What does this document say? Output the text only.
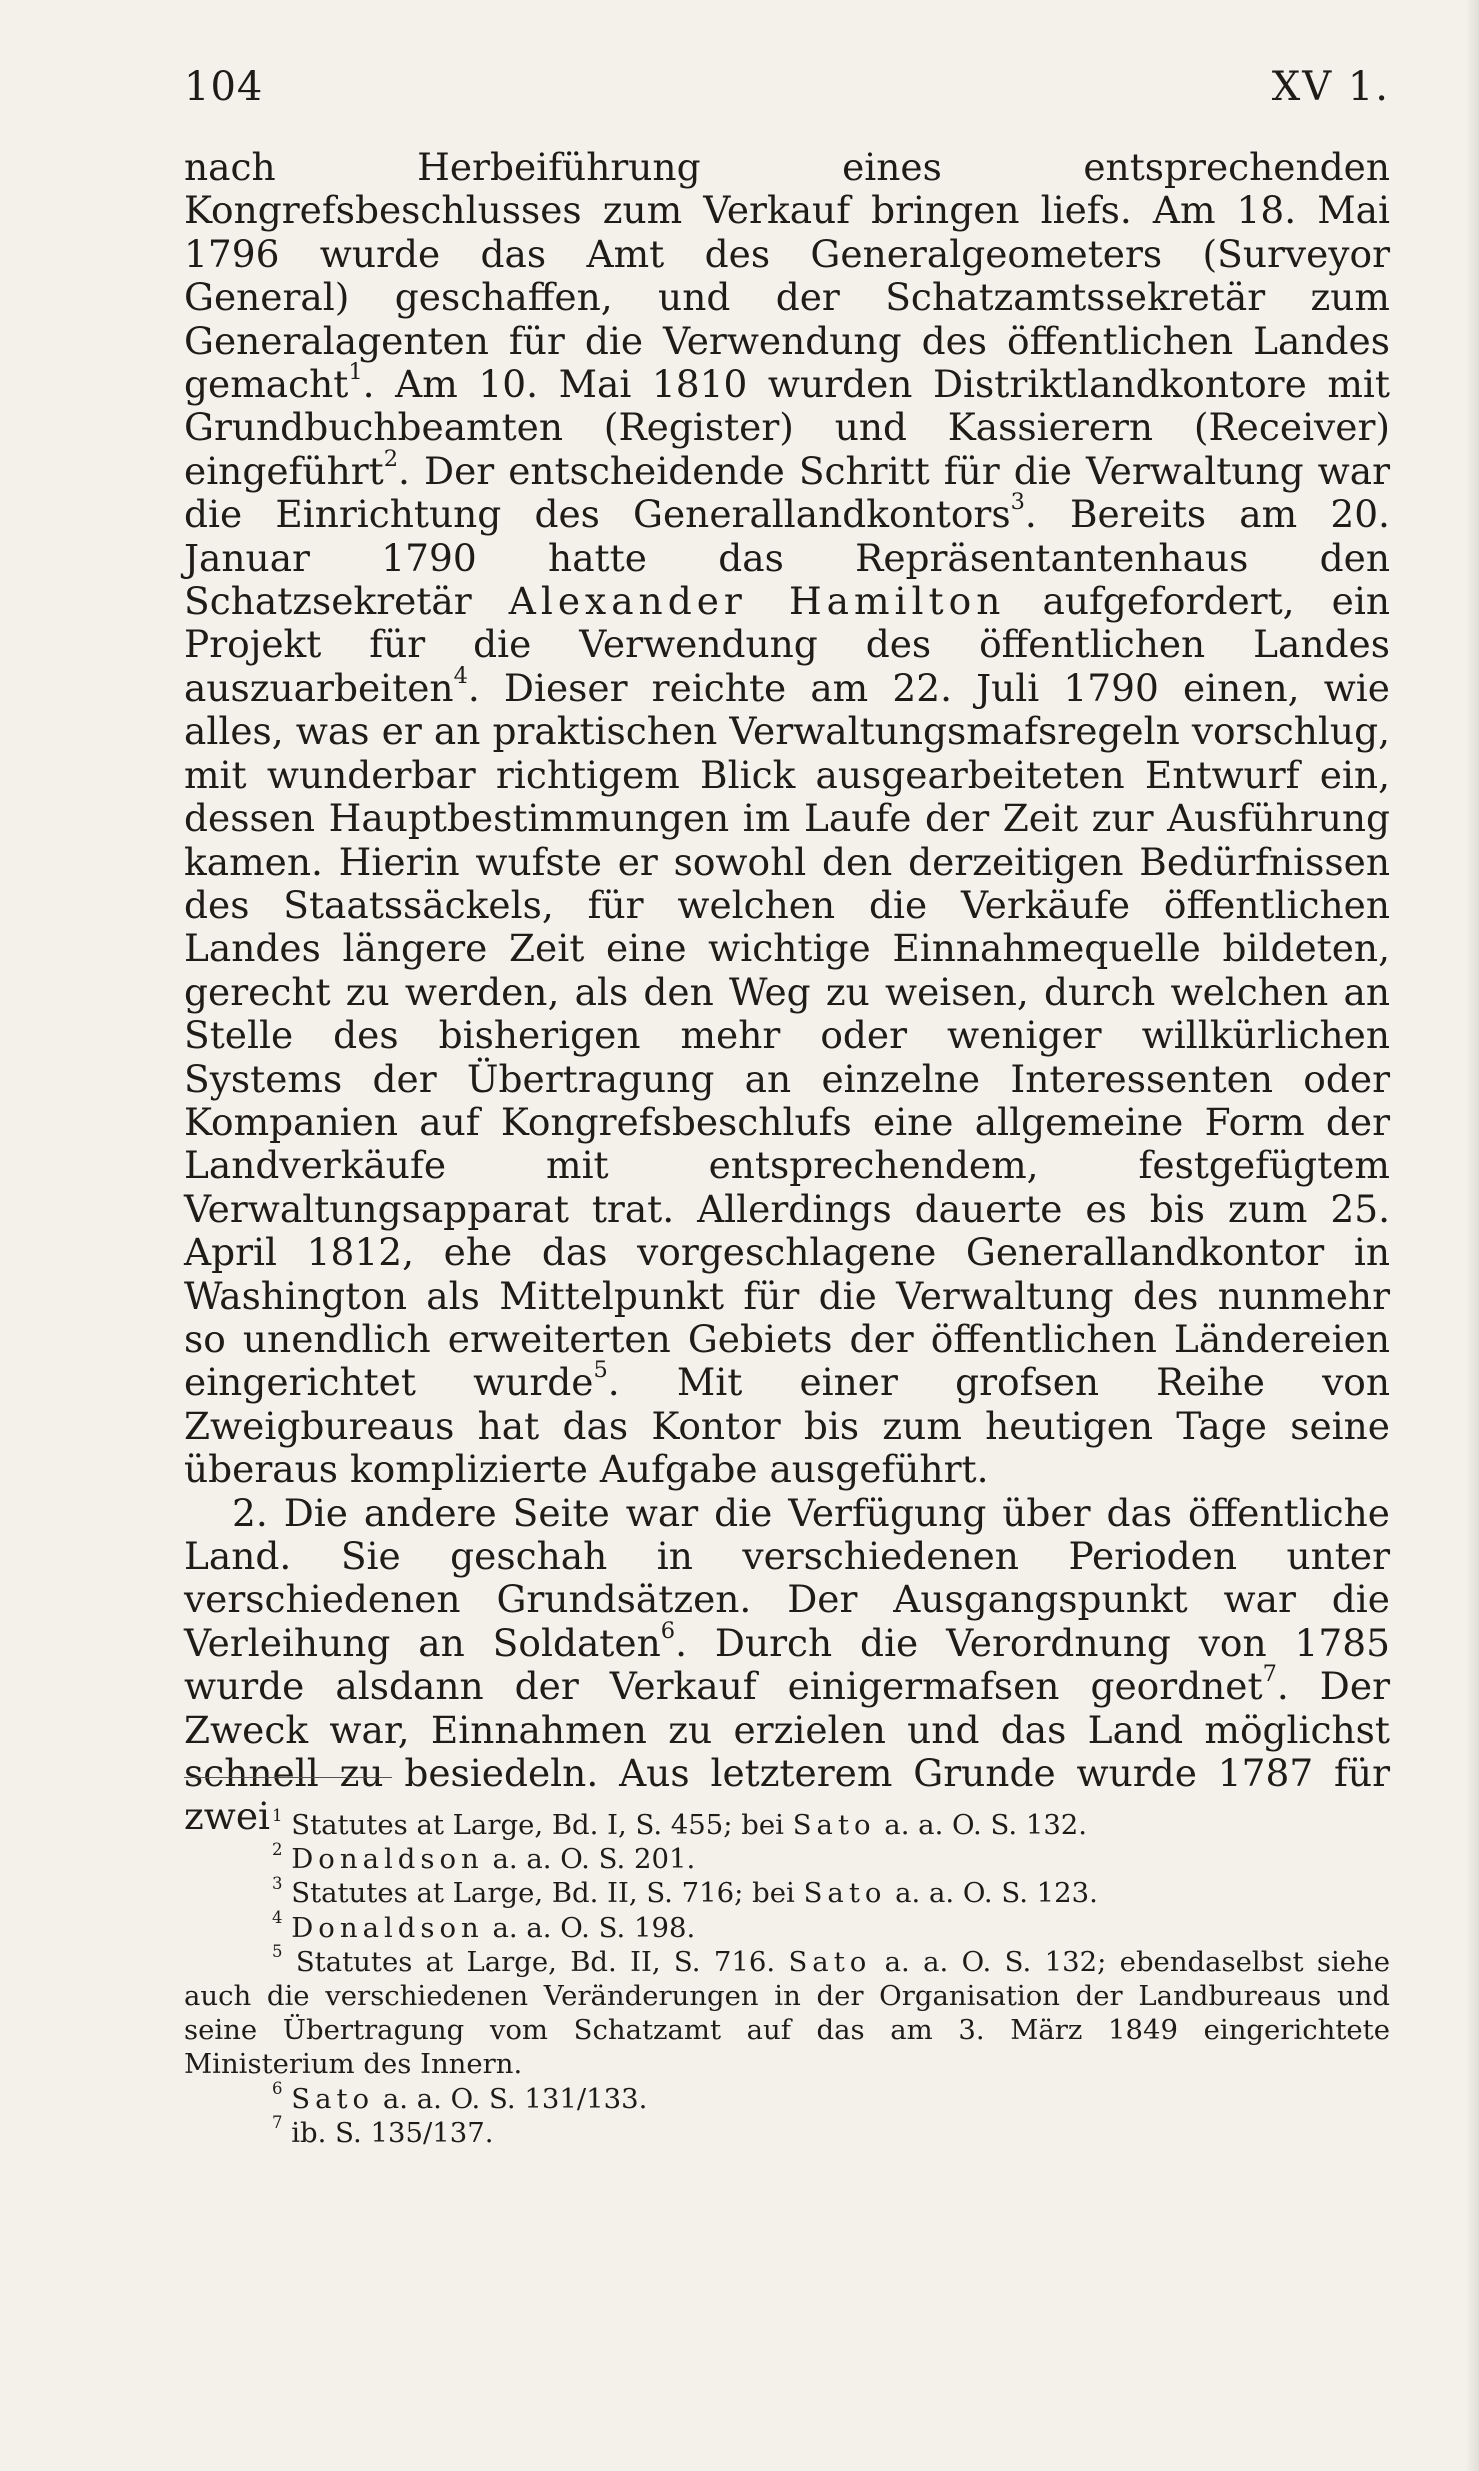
104	XV 1.

nach Herbeiführung eines entsprechenden Kongrefsbeschlusses zum Verkauf bringen liefs. Am 18. Mai 1796 wurde das Amt des Generalgeometers (Surveyor General) geschaffen, und der Schatzamtssekretär zum Generalagenten für die Verwendung des öffentlichen Landes gemacht$^1$. Am 10. Mai 1810 wurden Distriktlandkontore mit Grundbuchbeamten (Register) und Kassierern (Receiver) eingeführt$^2$. Der entscheidende Schritt für die Verwaltung war die Einrichtung des Generallandkontors$^3$. Bereits am 20. Januar 1790 hatte das Repräsentantenhaus den Schatzsekretär Alexander Hamilton aufgefordert, ein Projekt für die Verwendung des öffentlichen Landes auszuarbeiten$^4$. Dieser reichte am 22. Juli 1790 einen, wie alles, was er an praktischen Verwaltungsmafsregeln vorschlug, mit wunderbar richtigem Blick ausgearbeiteten Entwurf ein, dessen Hauptbestimmungen im Laufe der Zeit zur Ausführung kamen. Hierin wufste er sowohl den derzeitigen Bedürfnissen des Staatssäckels, für welchen die Verkäufe öffentlichen Landes längere Zeit eine wichtige Einnahmequelle bildeten, gerecht zu werden, als den Weg zu weisen, durch welchen an Stelle des bisherigen mehr oder weniger willkürlichen Systems der Übertragung an einzelne Interessenten oder Kompanien auf Kongrefsbeschlufs eine allgemeine Form der Landverkäufe mit entsprechendem, festgefügtem Verwaltungsapparat trat. Allerdings dauerte es bis zum 25. April 1812, ehe das vorgeschlagene Generallandkontor in Washington als Mittelpunkt für die Verwaltung des nunmehr so unendlich erweiterten Gebiets der öffentlichen Ländereien eingerichtet wurde$^5$. Mit einer grofsen Reihe von Zweigbureaus hat das Kontor bis zum heutigen Tage seine überaus komplizierte Aufgabe ausgeführt.

2. Die andere Seite war die Verfügung über das öffentliche Land. Sie geschah in verschiedenen Perioden unter verschiedenen Grundsätzen. Der Ausgangspunkt war die Verleihung an Soldaten$^6$. Durch die Verordnung von 1785 wurde alsdann der Verkauf einigermafsen geordnet$^7$. Der Zweck war, Einnahmen zu erzielen und das Land möglichst schnell zu besiedeln. Aus letzterem Grunde wurde 1787 für zwei $^1$ Statutes at Large, Bd. I, S. 455; bei Sato a. a. O. S. 132.

$^2$ Donaldson a. a. O. S. 201.

$^3$ Statutes at Large, Bd. II, S. 716; bei Sato a. a. O. S. 123.

$^4$ Donaldson a. a. O. S. 198.

$^5$ Statutes at Large, Bd. II, S. 716. Sato a. a. O. S. 132; ebendaselbst siehe auch die verschiedenen Veränderungen in der Organisation der Landbureaus und seine Übertragung vom Schatzamt auf das am 3. März 1849 eingerichtete Ministerium des Innern.

$^6$ Sato a. a. O. S. 131/133.

$^7$ ib. S. 135/137.
